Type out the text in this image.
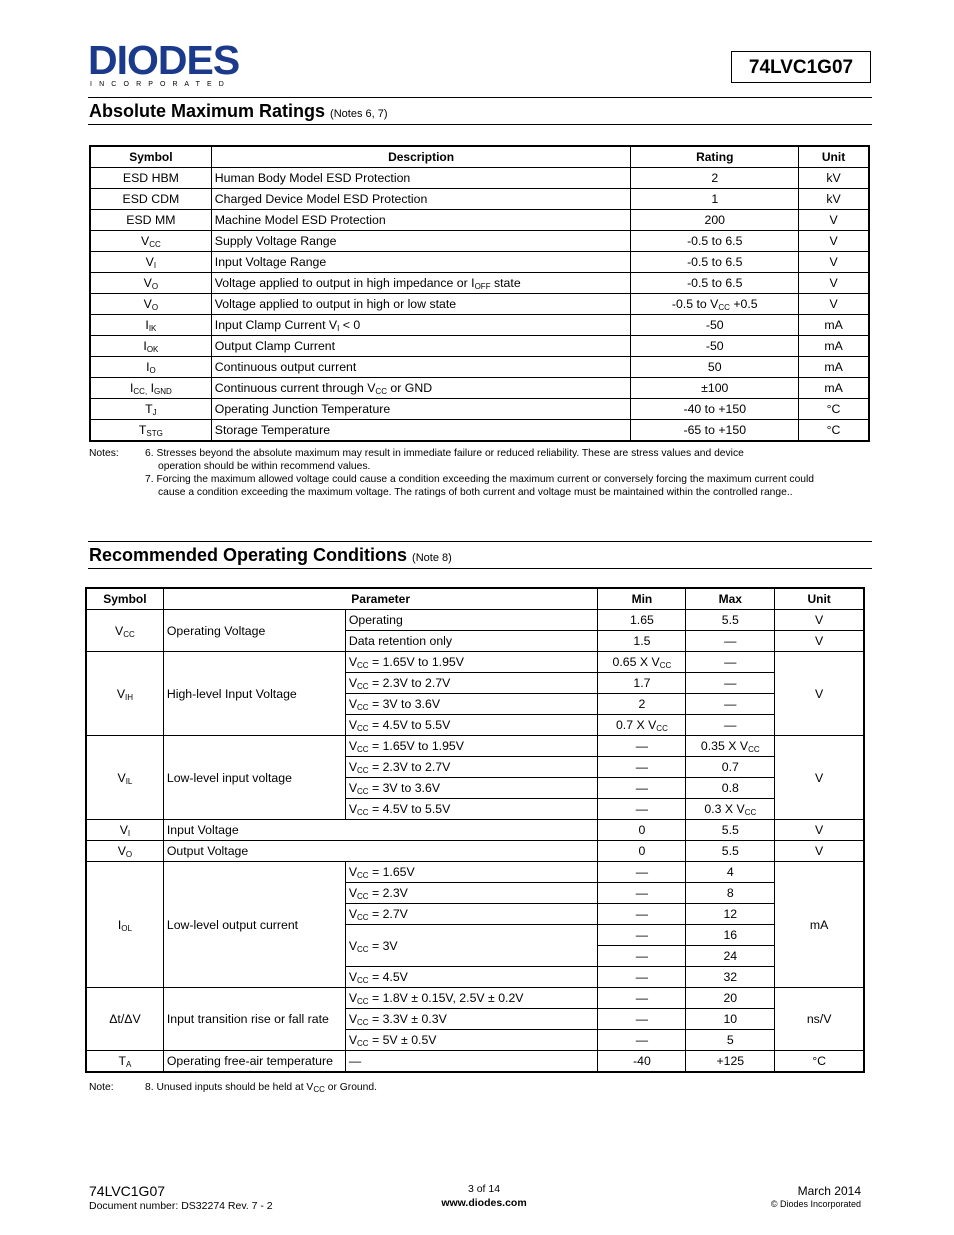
DIODES
I N C O R P O R A T E D
74LVC1G07
Absolute Maximum Ratings (Notes 6, 7)
Symbol	Description	Rating	Unit
ESD HBM	Human Body Model ESD Protection	2	kV
ESD CDM	Charged Device Model ESD Protection	1	kV
ESD MM	Machine Model ESD Protection	200	V
$V_{CC}$	Supply Voltage Range	-0.5 to 6.5	V
$V_I$	Input Voltage Range	-0.5 to 6.5	V
$V_O$	Voltage applied to output in high impedance or $I_{OFF}$ state	-0.5 to 6.5	V
$V_O$	Voltage applied to output in high or low state	-0.5 to $V_{CC} +0.5$	V
$I_{IK}$	Input Clamp Current $V_I < 0$	-50	mA
$I_{OK}$	Output Clamp Current	-50	mA
$I_O$	Continuous output current	50	mA
$I_{CC,}$ $I_{GND}$	Continuous current through $V_{CC}$ or GND	±100	mA
$T_J$	Operating Junction Temperature	-40 to +150	°C
$T_{STG}$	Storage Temperature	-65 to +150	°C
Notes:	6. Stresses beyond the absolute maximum may result in immediate failure or reduced reliability. These are stress values and device
operation should be within recommend values.
7. Forcing the maximum allowed voltage could cause a condition exceeding the maximum current or conversely forcing the maximum current could
cause a condition exceeding the maximum voltage. The ratings of both current and voltage must be maintained within the controlled range..
Recommended Operating Conditions (Note 8)
Symbol	Parameter		Min	Max	Unit
$V_{CC}$	Operating Voltage	Operating	1.65	5.5	V
		Data retention only	1.5	—	V
$V_{IH}$	High-level Input Voltage	$V_{CC} = 1.65V$ to 1.95V	0.65 X $V_{CC}$	—	V
		$V_{CC} = 2.3V$ to 2.7V	1.7	—	
		$V_{CC} = 3V$ to 3.6V	2	—	
		$V_{CC} = 4.5V$ to 5.5V	0.7 X $V_{CC}$	—	
$V_{IL}$	Low-level input voltage	$V_{CC} = 1.65V$ to 1.95V	—	0.35 X $V_{CC}$	V
		$V_{CC} = 2.3V$ to 2.7V	—	0.7	
		$V_{CC} = 3V$ to 3.6V	—	0.8	
		$V_{CC} = 4.5V$ to 5.5V	—	0.3 X $V_{CC}$
$V_I$	Input Voltage		0	5.5	V
$V_O$	Output Voltage		0	5.5	V
$I_{OL}$	Low-level output current	$V_{CC} = 1.65V$	—	4	mA
		$V_{CC} = 2.3V$	—	8	
		$V_{CC} = 2.7V$	—	12	
		$V_{CC} = 3V$	—	16	
			—	24	
		$V_{CC} = 4.5V$	—	32	
Δt/ΔV	Input transition rise or fall rate	$V_{CC} = 1.8V \pm 0.15V$, 2.5V ± 0.2V	—	20	ns/V
		$V_{CC} = 3.3V \pm 0.3V$	—	10	
		$V_{CC} = 5V \pm 0.5V$	—	5	
$T_A$	Operating free-air temperature	—	-40	+125	°C
Note:	8. Unused inputs should be held at $V_{CC}$ or Ground.
74LVC1G07
Document number: DS32274 Rev. 7 - 2
3 of 14
www.diodes.com
March 2014
© Diodes Incorporated
